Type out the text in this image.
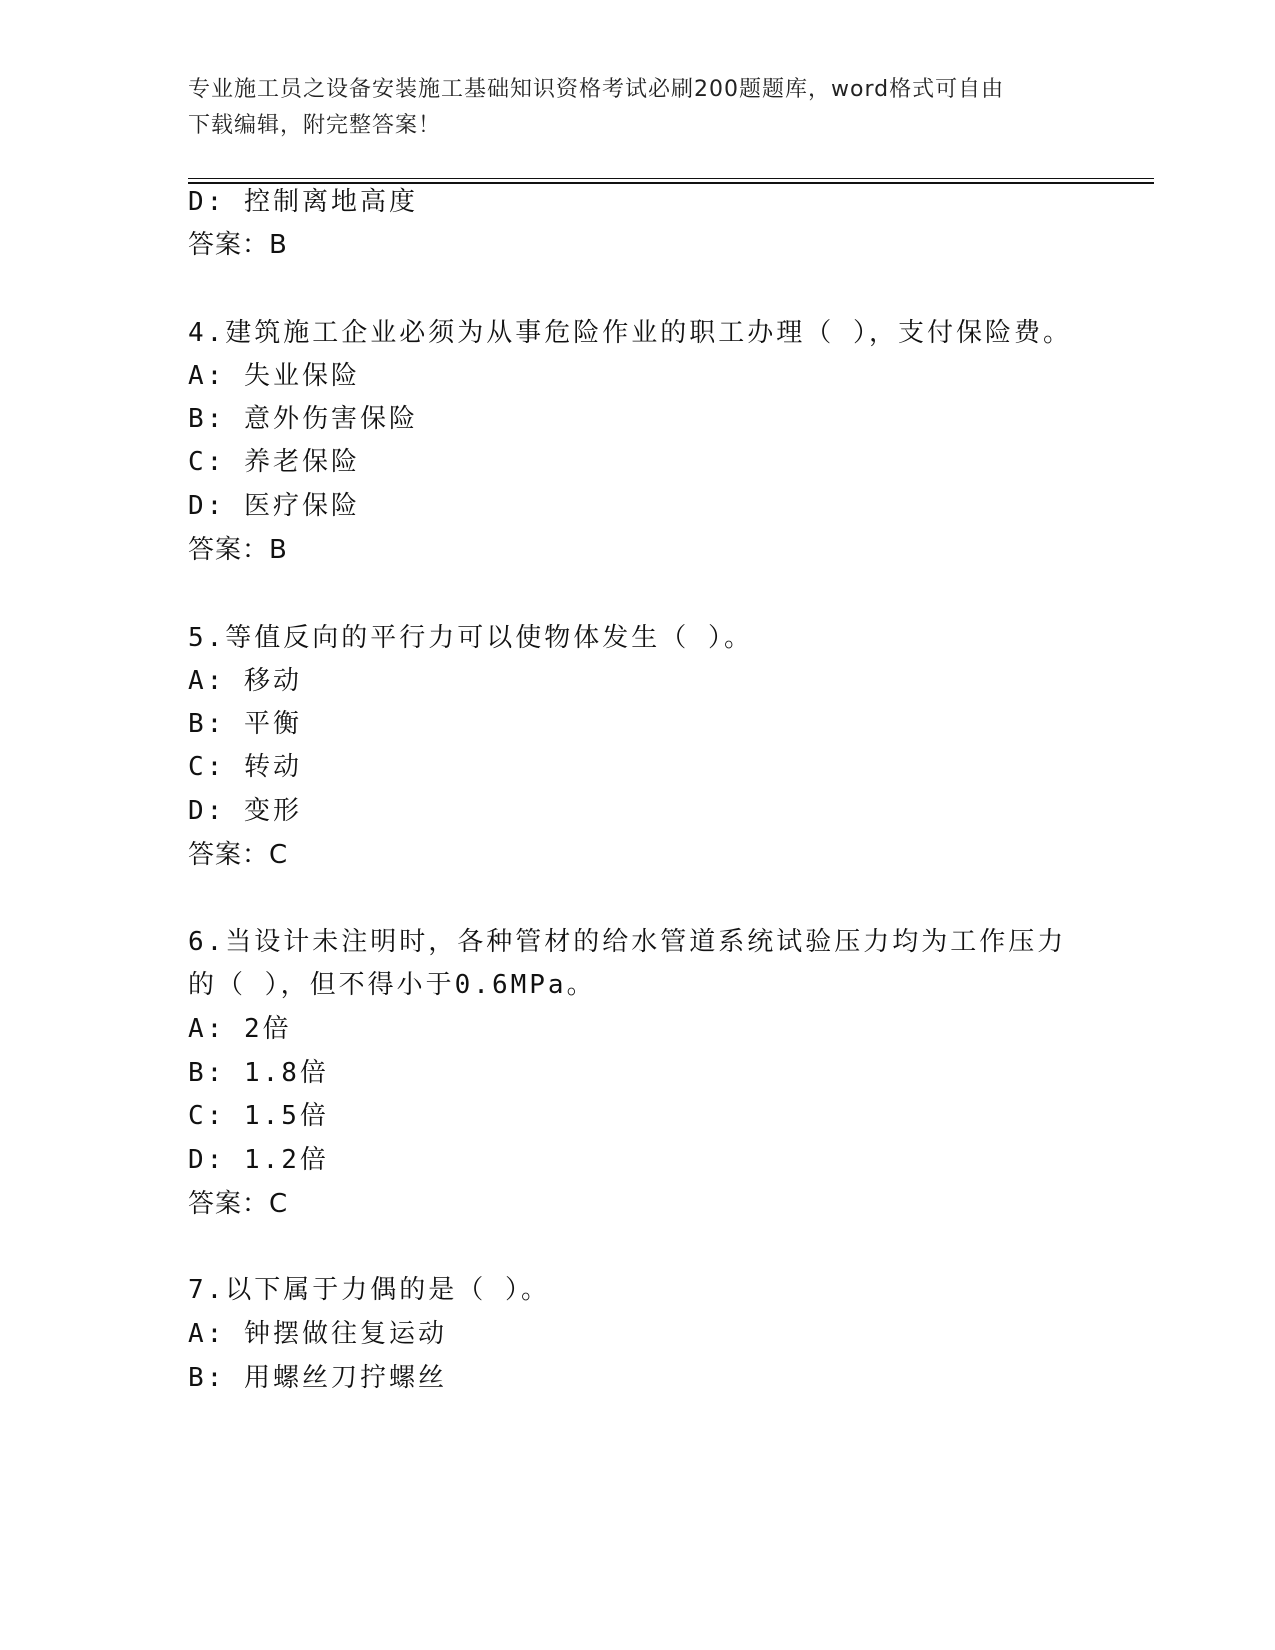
专业施工员之设备安装施工基础知识资格考试必刷200题题库，word格式可自由
下载编辑，附完整答案！
D: 控制离地高度
答案：B
4.建筑施工企业必须为从事危险作业的职工办理（ ），支付保险费。
A: 失业保险
B: 意外伤害保险
C: 养老保险
D: 医疗保险
答案：B
5.等值反向的平行力可以使物体发生（ ）。
A: 移动
B: 平衡
C: 转动
D: 变形
答案：C
6.当设计未注明时，各种管材的给水管道系统试验压力均为工作压力
的（ ），但不得小于0.6MPa。
A: 2倍
B: 1.8倍
C: 1.5倍
D: 1.2倍
答案：C
7.以下属于力偶的是（ ）。
A: 钟摆做往复运动
B: 用螺丝刀拧螺丝
